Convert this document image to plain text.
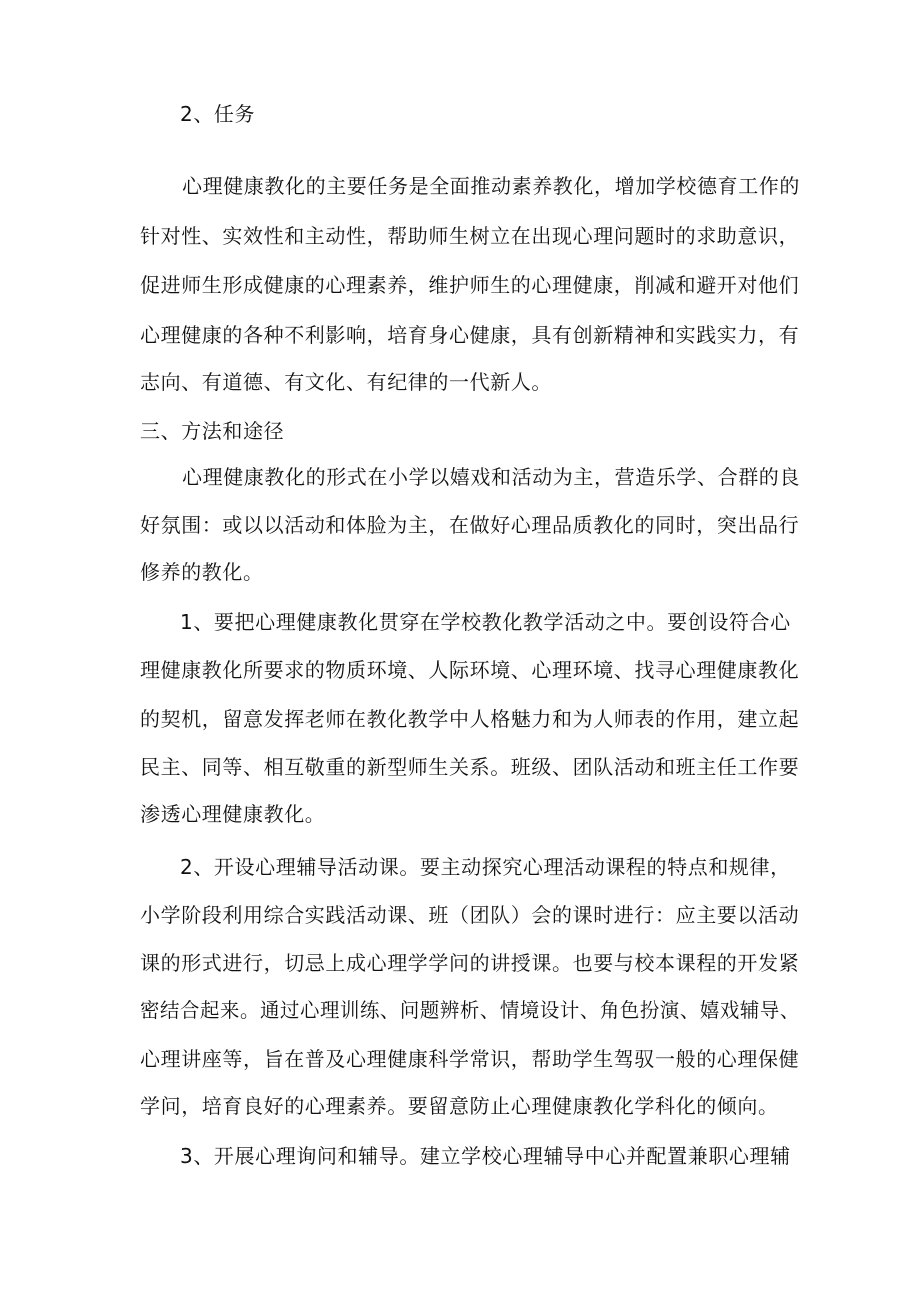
2、任务
心理健康教化的主要任务是全面推动素养教化，增加学校德育工作的
针对性、实效性和主动性，帮助师生树立在出现心理问题时的求助意识，
促进师生形成健康的心理素养，维护师生的心理健康，削减和避开对他们
心理健康的各种不利影响，培育身心健康，具有创新精神和实践实力，有
志向、有道德、有文化、有纪律的一代新人。
三、方法和途径
心理健康教化的形式在小学以嬉戏和活动为主，营造乐学、合群的良
好氛围：或以以活动和体脸为主，在做好心理品质教化的同时，突出品行
修养的教化。
1、要把心理健康教化贯穿在学校教化教学活动之中。要创设符合心
理健康教化所要求的物质环境、人际环境、心理环境、找寻心理健康教化
的契机，留意发挥老师在教化教学中人格魅力和为人师表的作用，建立起
民主、同等、相互敬重的新型师生关系。班级、团队活动和班主任工作要
渗透心理健康教化。
2、开设心理辅导活动课。要主动探究心理活动课程的特点和规律，
小学阶段利用综合实践活动课、班（团队）会的课时进行：应主要以活动
课的形式进行，切忌上成心理学学问的讲授课。也要与校本课程的开发紧
密结合起来。通过心理训练、问题辨析、情境设计、角色扮演、嬉戏辅导、
心理讲座等，旨在普及心理健康科学常识，帮助学生驾驭一般的心理保健
学问，培育良好的心理素养。要留意防止心理健康教化学科化的倾向。
3、开展心理询问和辅导。建立学校心理辅导中心并配置兼职心理辅
